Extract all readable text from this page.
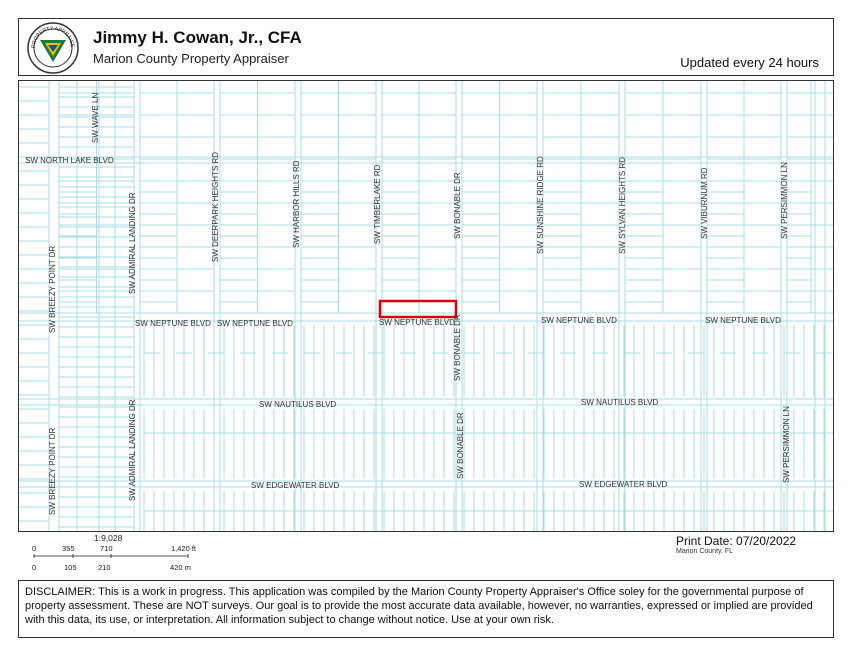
PROPERTY APPRAISE Jimmy H. Cowan, Jr., CFA
Marion County Property Appraiser	Updated every 24 hours
SW NORTH LAKE BLVD
SW WAVE LN
SW BREEZY POINT DR
SW BREEZY POINT DR
SW ADMIRAL LANDING DR
SW ADMIRAL LANDING DR
SW DEERPARK HEIGHTS RD	SW HARBOR HILLS RD	SW TIMBERLAKE RD	SW BONABLE DR
SW BONABLE DR
SW BONABLE DR
SW SUNSHINE RIDGE RD	SW SYLVAN HEIGHTS RD	SW VIBURNUM RD	SW PERSIMMON LN
SW PERSIMMON LN
SW NEPTUNE BLVD SW NEPTUNE BLVD	SW NEPTUNE BLVD	SW NEPTUNE BLVD	SW NEPTUNE BLVD
SW NAUTILUS BLVD	SW NAUTILUS BLVD
SW EDGEWATER BLVD	SW EDGEWATER BLVD
1:9,028
0	355	710	1,420 ft
0	105	210	420 m
Print Date: 07/20/2022
Marion County, FL
DISCLAIMER: This is a work in progress. This application was compiled by the Marion County Property Appraiser's Office soley for the governmental purpose of property assessment. These are NOT surveys. Our goal is to provide the most accurate data available, however, no warranties, expressed or implied are provided with this data, its use, or interpretation. All information subject to change without notice. Use at your own risk.
